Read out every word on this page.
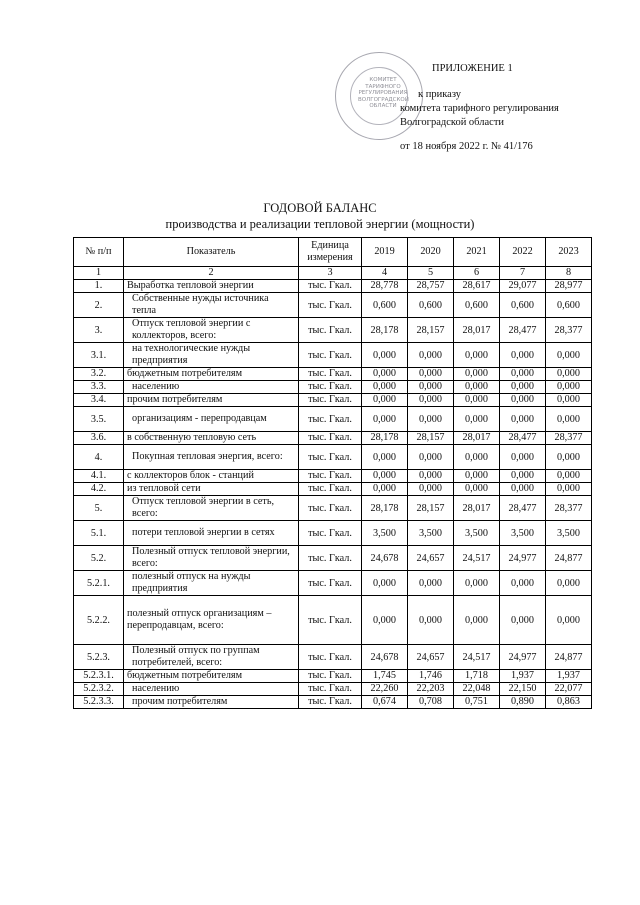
КОМИТЕТ ТАРИФНОГО РЕГУЛИРОВАНИЯ ВОЛГОГРАДСКОЙ ОБЛАСТИ
ПРИЛОЖЕНИЕ 1
к приказу
комитета тарифного регулирования
Волгоградской области
от 18 ноября 2022 г. № 41/176
ГОДОВОЙ БАЛАНС
производства и реализации тепловой энергии (мощности)
№ п/п	Показатель	Единица измерения	2019	2020	2021	2022	2023
1	2	3	4	5	6	7	8
1.	Выработка тепловой энергии	тыс. Гкал.	28,778	28,757	28,617	29,077	28,977
2.	Собственные нужды источника тепла	тыс. Гкал.	0,600	0,600	0,600	0,600	0,600
3.	Отпуск тепловой энергии с коллекторов, всего:	тыс. Гкал.	28,178	28,157	28,017	28,477	28,377
3.1.	на технологические нужды предприятия	тыс. Гкал.	0,000	0,000	0,000	0,000	0,000
3.2.	бюджетным потребителям	тыс. Гкал.	0,000	0,000	0,000	0,000	0,000
3.3.	населению	тыс. Гкал.	0,000	0,000	0,000	0,000	0,000
3.4.	прочим потребителям	тыс. Гкал.	0,000	0,000	0,000	0,000	0,000
3.5.	организациям - перепродавцам	тыс. Гкал.	0,000	0,000	0,000	0,000	0,000
3.6.	в собственную тепловую сеть	тыс. Гкал.	28,178	28,157	28,017	28,477	28,377
4.	Покупная тепловая энергия, всего:	тыс. Гкал.	0,000	0,000	0,000	0,000	0,000
4.1.	с коллекторов блок - станций	тыс. Гкал.	0,000	0,000	0,000	0,000	0,000
4.2.	из тепловой сети	тыс. Гкал.	0,000	0,000	0,000	0,000	0,000
5.	Отпуск тепловой энергии в сеть, всего:	тыс. Гкал.	28,178	28,157	28,017	28,477	28,377
5.1.	потери тепловой энергии в сетях	тыс. Гкал.	3,500	3,500	3,500	3,500	3,500
5.2.	Полезный отпуск тепловой энергии, всего:	тыс. Гкал.	24,678	24,657	24,517	24,977	24,877
5.2.1.	полезный отпуск на нужды предприятия	тыс. Гкал.	0,000	0,000	0,000	0,000	0,000
5.2.2.	полезный отпуск организациям – перепродавцам, всего:	тыс. Гкал.	0,000	0,000	0,000	0,000	0,000
5.2.3.	Полезный отпуск по группам потребителей, всего:	тыс. Гкал.	24,678	24,657	24,517	24,977	24,877
5.2.3.1.	бюджетным потребителям	тыс. Гкал.	1,745	1,746	1,718	1,937	1,937
5.2.3.2.	населению	тыс. Гкал.	22,260	22,203	22,048	22,150	22,077
5.2.3.3.	прочим потребителям	тыс. Гкал.	0,674	0,708	0,751	0,890	0,863
